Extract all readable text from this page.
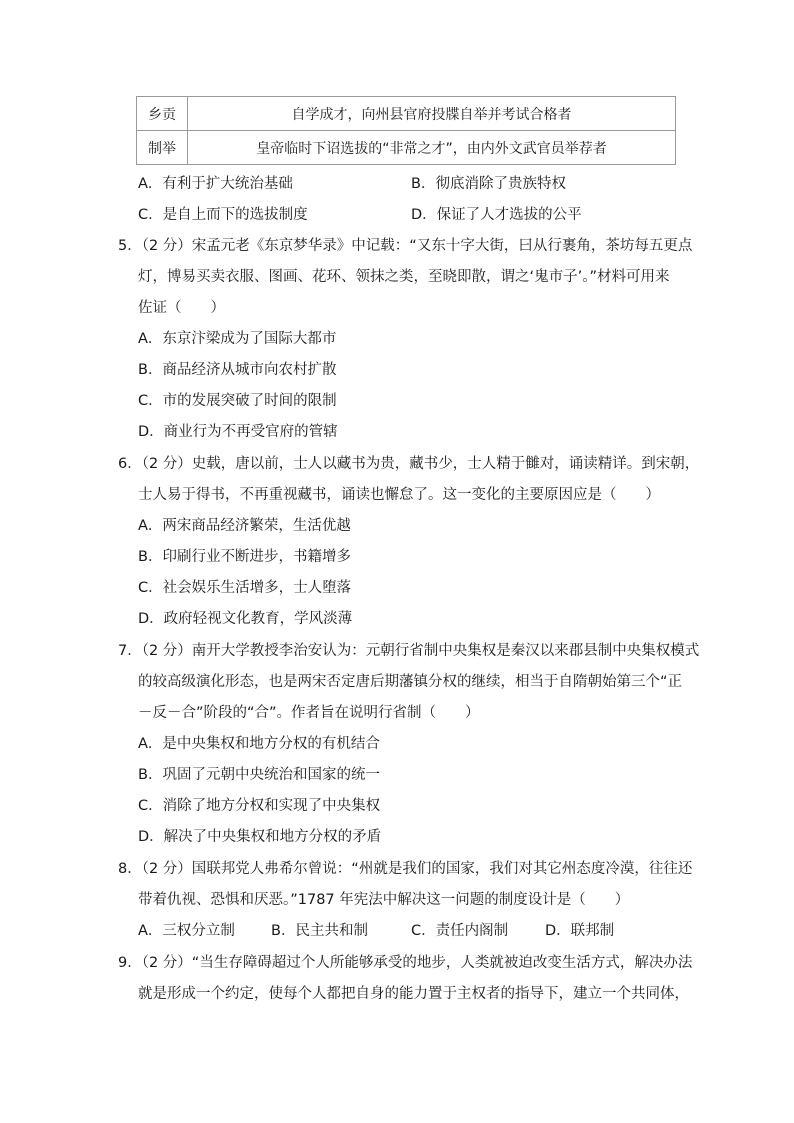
乡贡	自学成才，向州县官府投牒自举并考试合格者
制举	皇帝临时下诏选拔的“非常之才”，由内外文武官员举荐者
A．有利于扩大统治基础	B．彻底消除了贵族特权
C．是自上而下的选拔制度	D．保证了人才选拔的公平
5．（2 分）宋孟元老《东京梦华录》中记载：“又东十字大街，曰从行裹角，茶坊每五更点
灯，博易买卖衣服、图画、花环、领抹之类，至晓即散，谓之‘鬼市子’。”材料可用来
佐证（　　）
A．东京汴梁成为了国际大都市
B．商品经济从城市向农村扩散
C．市的发展突破了时间的限制
D．商业行为不再受官府的管辖
6．（2 分）史载，唐以前，士人以藏书为贵，藏书少，士人精于雠对，诵读精详。到宋朝，
士人易于得书，不再重视藏书，诵读也懈怠了。这一变化的主要原因应是（　　）
A．两宋商品经济繁荣，生活优越
B．印刷行业不断进步，书籍增多
C．社会娱乐生活增多，士人堕落
D．政府轻视文化教育，学风淡薄
7．（2 分）南开大学教授李治安认为：元朝行省制中央集权是秦汉以来郡县制中央集权模式
的较高级演化形态，也是两宋否定唐后期藩镇分权的继续，相当于自隋朝始第三个“正
－反－合”阶段的“合”。作者旨在说明行省制（　　）
A．是中央集权和地方分权的有机结合
B．巩固了元朝中央统治和国家的统一
C．消除了地方分权和实现了中央集权
D．解决了中央集权和地方分权的矛盾
8．（2 分）国联邦党人弗希尔曾说：“州就是我们的国家，我们对其它州态度冷漠，往往还
带着仇视、恐惧和厌恶。”1787 年宪法中解决这一问题的制度设计是（　　）
A．三权分立制 B．民主共和制	C．责任内阁制	D．联邦制
9．（2 分）“当生存障碍超过个人所能够承受的地步，人类就被迫改变生活方式，解决办法
就是形成一个约定，使每个人都把自身的能力置于主权者的指导下，建立一个共同体，
